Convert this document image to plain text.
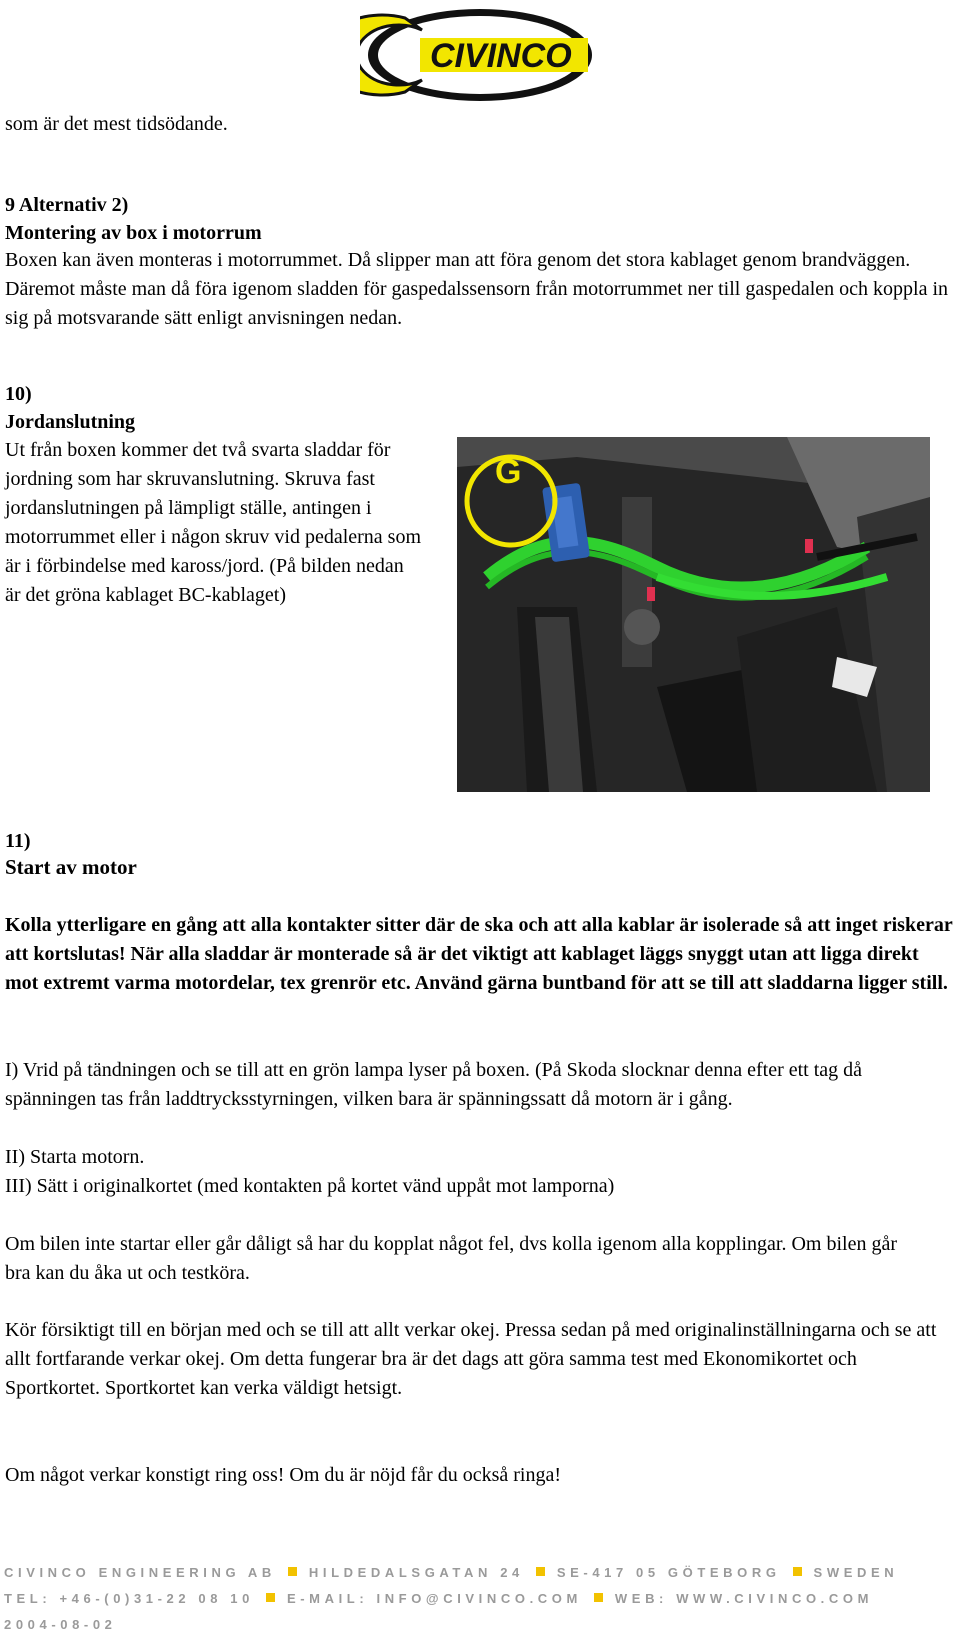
CIVINCO

som är det mest tidsödande.

9 Alternativ 2)

Montering av box i motorrum

Boxen kan även monteras i motorrummet. Då slipper man att föra genom det stora kablaget genom brandväggen. Däremot måste man då föra igenom sladden för gaspedalssensorn från motorrummet ner till gaspedalen och koppla in sig på motsvarande sätt enligt anvisningen nedan.

10)

Jordanslutning

Ut från boxen kommer det två svarta sladdar för jordning som har skruvanslutning. Skruva fast jordanslutningen på lämpligt ställe, antingen i motorrummet eller i någon skruv vid pedalerna som är i förbindelse med kaross/jord. (På bilden nedan är det gröna kablaget BC-kablaget)

G

11)

Start av motor

Kolla ytterligare en gång att alla kontakter sitter där de ska och att alla kablar är isolerade så att inget riskerar att kortslutas! När alla sladdar är monterade så är det viktigt att kablaget läggs snyggt utan att ligga direkt mot extremt varma motordelar, tex grenrör etc. Använd gärna buntband för att se till att sladdarna ligger still.

I) Vrid på tändningen och se till att en grön lampa lyser på boxen. (På Skoda slocknar denna efter ett tag då spänningen tas från laddtrycksstyrningen, vilken bara är spänningssatt då motorn är i gång.

II) Starta motorn.

III) Sätt i originalkortet (med kontakten på kortet vänd uppåt mot lamporna)

Om bilen inte startar eller går dåligt så har du kopplat något fel, dvs kolla igenom alla kopplingar. Om bilen går bra kan du åka ut och testköra.

Kör försiktigt till en början med och se till att allt verkar okej. Pressa sedan på med originalinställningarna och se att allt fortfarande verkar okej. Om detta fungerar bra är det dags att göra samma test med Ekonomikortet och Sportkortet. Sportkortet kan verka väldigt hetsigt.

Om något verkar konstigt ring oss! Om du är nöjd får du också ringa!

CIVINCO ENGINEERING AB	HILDEDALSGATAN 24	SE-417 05 GÖTEBORG	SWEDEN
TEL: +46-(0)31-22 08 10	E-MAIL: INFO@CIVINCO.COM	WEB: WWW.CIVINCO.COM
2004-08-02
